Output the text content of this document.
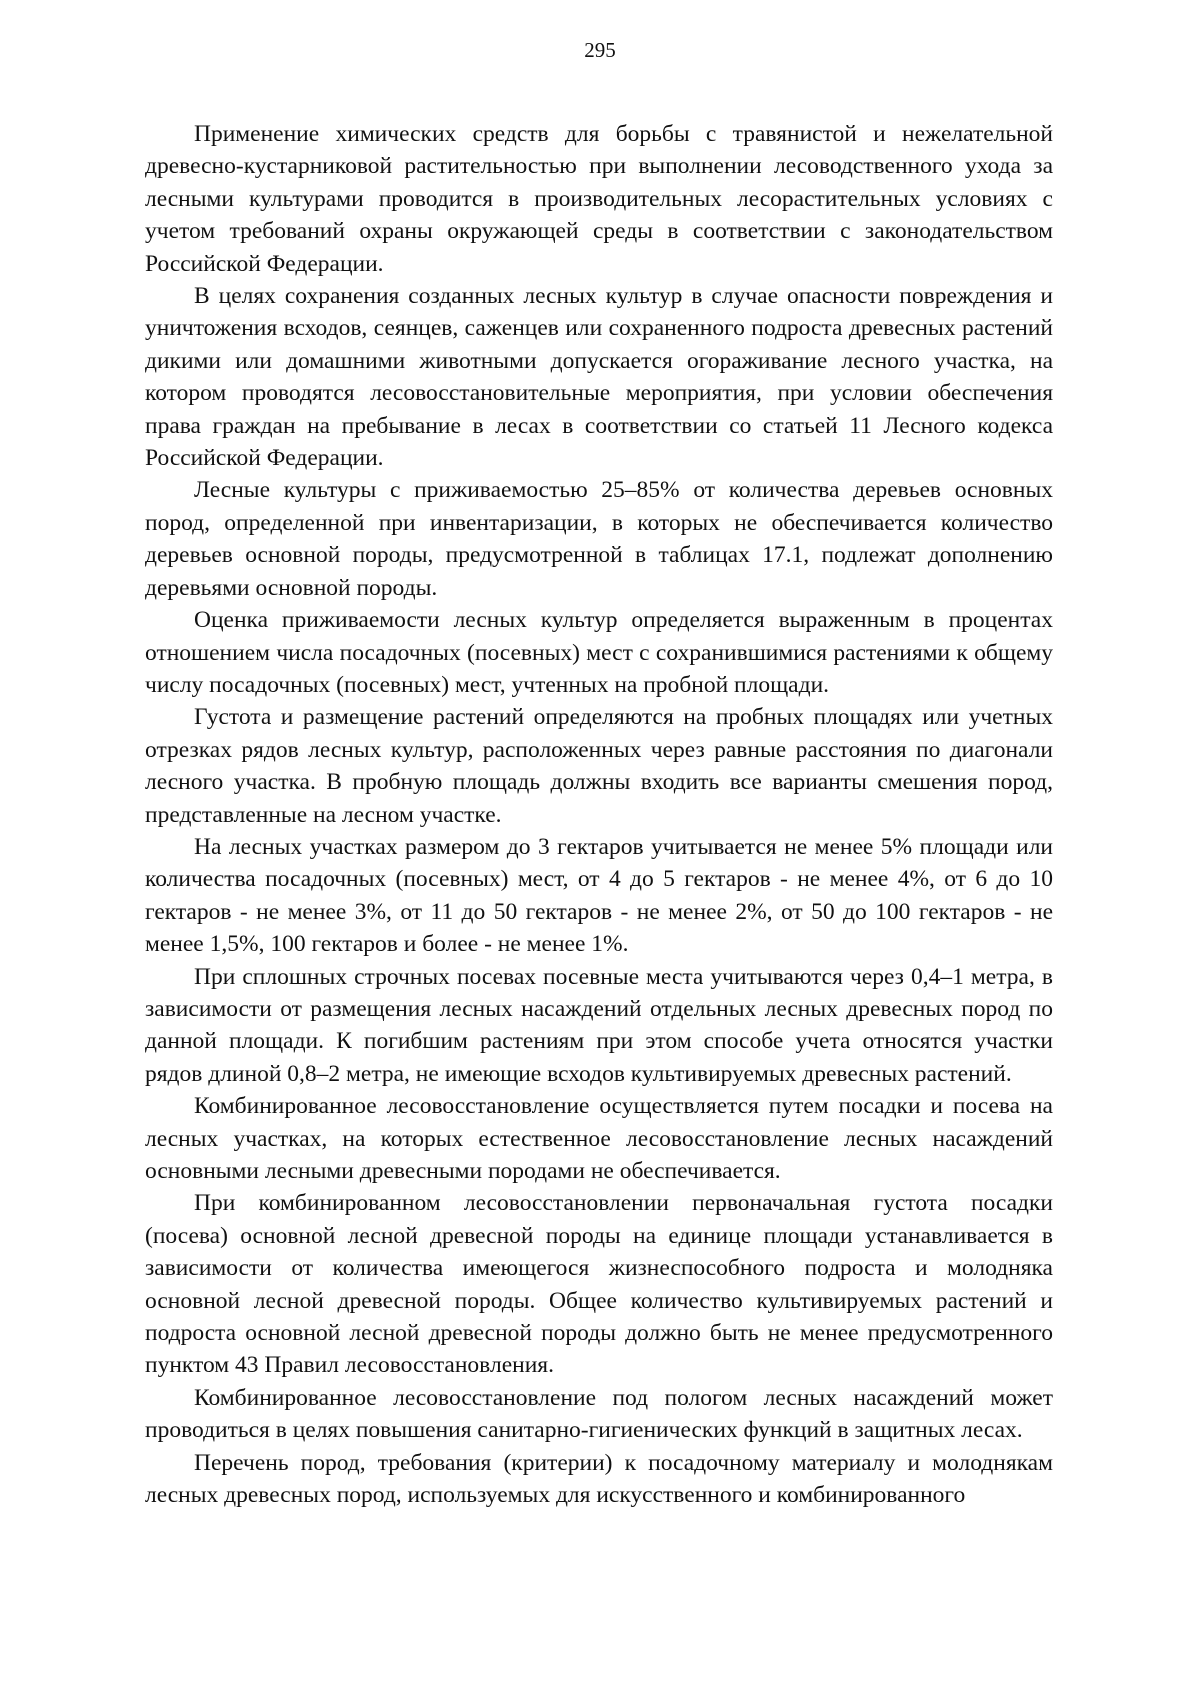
295

Применение химических средств для борьбы с травянистой и нежелательной древесно-кустарниковой растительностью при выполнении лесоводственного ухода за лесными культурами проводится в производительных лесорастительных условиях с учетом требований охраны окружающей среды в соответствии с законодательством Российской Федерации.

В целях сохранения созданных лесных культур в случае опасности повреждения и уничтожения всходов, сеянцев, саженцев или сохраненного подроста древесных растений дикими или домашними животными допускается огораживание лесного участка, на котором проводятся лесовосстановительные мероприятия, при условии обеспечения права граждан на пребывание в лесах в соответствии со статьей 11 Лесного кодекса Российской Федерации.

Лесные культуры с приживаемостью 25–85% от количества деревьев основных пород, определенной при инвентаризации, в которых не обеспечивается количество деревьев основной породы, предусмотренной в таблицах 17.1, подлежат дополнению деревьями основной породы.

Оценка приживаемости лесных культур определяется выраженным в процентах отношением числа посадочных (посевных) мест с сохранившимися растениями к общему числу посадочных (посевных) мест, учтенных на пробной площади.

Густота и размещение растений определяются на пробных площадях или учетных отрезках рядов лесных культур, расположенных через равные расстояния по диагонали лесного участка. В пробную площадь должны входить все варианты смешения пород, представленные на лесном участке.

На лесных участках размером до 3 гектаров учитывается не менее 5% площади или количества посадочных (посевных) мест, от 4 до 5 гектаров - не менее 4%, от 6 до 10 гектаров - не менее 3%, от 11 до 50 гектаров - не менее 2%, от 50 до 100 гектаров - не менее 1,5%, 100 гектаров и более - не менее 1%.

При сплошных строчных посевах посевные места учитываются через 0,4–1 метра, в зависимости от размещения лесных насаждений отдельных лесных древесных пород по данной площади. К погибшим растениям при этом способе учета относятся участки рядов длиной 0,8–2 метра, не имеющие всходов культивируемых древесных растений.

Комбинированное лесовосстановление осуществляется путем посадки и посева на лесных участках, на которых естественное лесовосстановление лесных насаждений основными лесными древесными породами не обеспечивается.

При комбинированном лесовосстановлении первоначальная густота посадки (посева) основной лесной древесной породы на единице площади устанавливается в зависимости от количества имеющегося жизнеспособного подроста и молодняка основной лесной древесной породы. Общее количество культивируемых растений и подроста основной лесной древесной породы должно быть не менее предусмотренного пунктом 43 Правил лесовосстановления.

Комбинированное лесовосстановление под пологом лесных насаждений может проводиться в целях повышения санитарно-гигиенических функций в защитных лесах.

Перечень пород, требования (критерии) к посадочному материалу и молоднякам лесных древесных пород, используемых для искусственного и комбинированного
